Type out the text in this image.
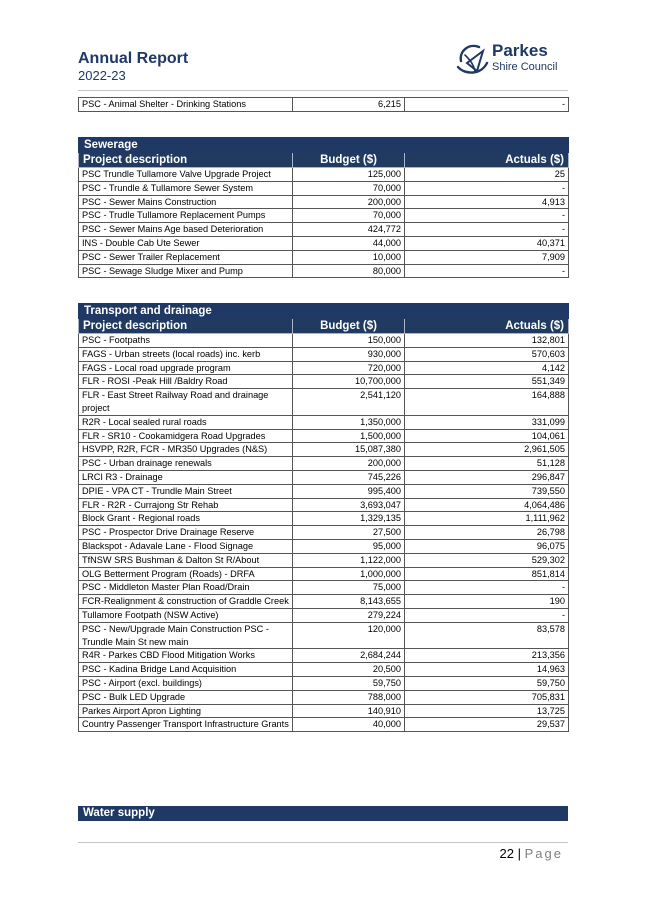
Annual Report
2022-23
Parkes
Shire Council
PSC - Animal Shelter - Drinking Stations	6,215	-
Sewerage		
Project description	Budget ($)	Actuals ($)
PSC Trundle Tullamore Valve Upgrade Project	125,000	25
PSC - Trundle & Tullamore Sewer System	70,000	-
PSC - Sewer Mains Construction	200,000	4,913
PSC - Trudle Tullamore Replacement Pumps	70,000	-
PSC - Sewer Mains Age based Deterioration	424,772	-
INS - Double Cab Ute Sewer	44,000	40,371
PSC - Sewer Trailer Replacement	10,000	7,909
PSC - Sewage Sludge Mixer and Pump	80,000	-
Transport and drainage		
Project description	Budget ($)	Actuals ($)
PSC - Footpaths	150,000	132,801
FAGS - Urban streets (local roads) inc. kerb	930,000	570,603
FAGS - Local road upgrade program	720,000	4,142
FLR - ROSI -Peak Hill /Baldry Road	10,700,000	551,349
FLR - East Street Railway Road and drainage project	2,541,120	164,888
R2R - Local sealed rural roads	1,350,000	331,099
FLR - SR10 - Cookamidgera Road Upgrades	1,500,000	104,061
HSVPP, R2R, FCR - MR350 Upgrades (N&S)	15,087,380	2,961,505
PSC - Urban drainage renewals	200,000	51,128
LRCI R3 - Drainage	745,226	296,847
DPIE - VPA CT - Trundle Main Street	995,400	739,550
FLR - R2R - Currajong Str Rehab	3,693,047	4,064,486
Block Grant - Regional roads	1,329,135	1,111,962
PSC - Prospector Drive Drainage Reserve	27,500	26,798
Blackspot - Adavale Lane - Flood Signage	95,000	96,075
TfNSW SRS Bushman & Dalton St R/About	1,122,000	529,302
OLG Betterment Program (Roads) - DRFA	1,000,000	851,814
PSC - Middleton Master Plan Road/Drain	75,000	-
FCR-Realignment & construction of Graddle Creek	8,143,655	190
Tullamore Footpath (NSW Active)	279,224	-
PSC - New/Upgrade Main Construction PSC - Trundle Main St new main	120,000	83,578
R4R - Parkes CBD Flood Mitigation Works	2,684,244	213,356
PSC - Kadina Bridge Land Acquisition	20,500	14,963
PSC - Airport (excl. buildings)	59,750	59,750
PSC - Bulk LED Upgrade	788,000	705,831
Parkes Airport Apron Lighting	140,910	13,725
Country Passenger Transport Infrastructure Grants	40,000	29,537
Water supply
22 | Page
